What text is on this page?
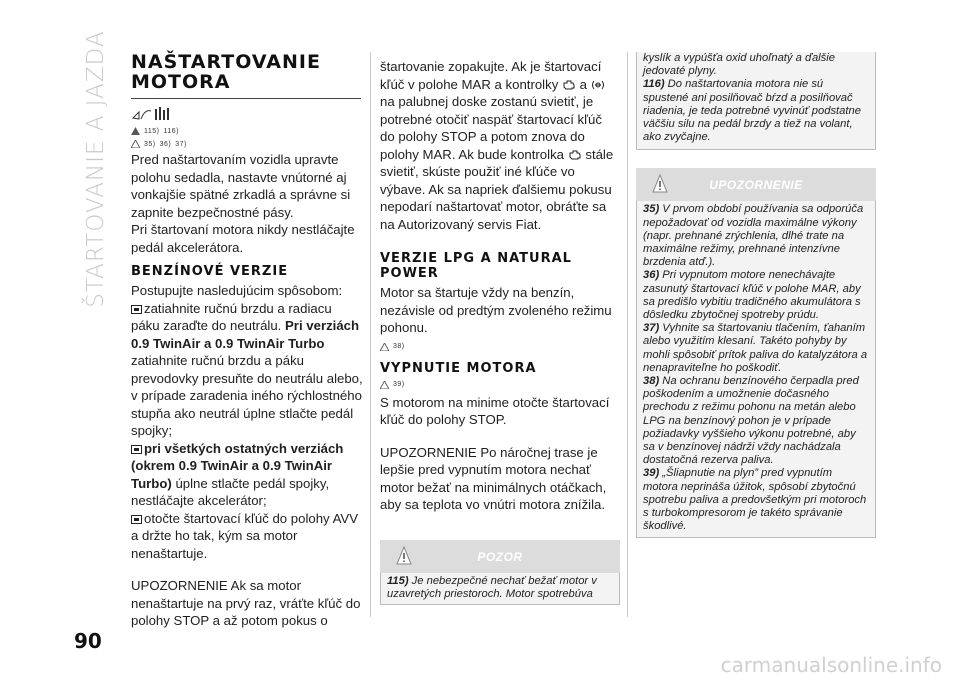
ŠTARTOVANIE A JAZDA NAŠTARTOVANIE MOTORA
115) 116)
35) 36) 37)

Pred naštartovaním vozidla upravte polohu sedadla, nastavte vnútorné aj vonkajšie spätné zrkadlá a správne si zapnite bezpečnostné pásy.

Pri štartovaní motora nikdy nestláčajte pedál akcelerátora.

BENZÍNOVÉ VERZIE

Postupujte nasledujúcim spôsobom:

zatiahnite ručnú brzdu a radiacu páku zaraďte do neutrálu. Pri verziách 0.9 TwinAir a 0.9 TwinAir Turbo zatiahnite ručnú brzdu a páku prevodovky presuňte do neutrálu alebo, v prípade zaradenia iného rýchlostného stupňa ako neutrál úplne stlačte pedál spojky;

pri všetkých ostatných verziách (okrem 0.9 TwinAir a 0.9 TwinAir Turbo) úplne stlačte pedál spojky, nestláčajte akcelerátor;

otočte štartovací kľúč do polohy AVV a držte ho tak, kým sa motor nenaštartuje.

UPOZORNENIE Ak sa motor nenaštartuje na prvý raz, vráťte kľúč do polohy STOP a až potom pokus o

štartovanie zopakujte. Ak je štartovací kľúč v polohe MAR a kontrolky a  na palubnej doske zostanú svietiť, je potrebné otočiť naspäť štartovací kľúč do polohy STOP a potom znova do polohy MAR. Ak bude kontrolka stále svietiť, skúste použiť iné kľúče vo výbave. Ak sa napriek ďalšiemu pokusu nepodarí naštartovať motor, obráťte sa na Autorizovaný servis Fiat.

VERZIE LPG A NATURAL POWER

Motor sa štartuje vždy na benzín, nezávisle od predtým zvoleného režimu pohonu.

38)
VYPNUTIE MOTORA
39)

S motorom na minime otočte štartovací kľúč do polohy STOP.

UPOZORNENIE Po náročnej trase je lepšie pred vypnutím motora nechať motor bežať na minimálnych otáčkach, aby sa teplota vo vnútri motora znížila.

POZOR

115) Je nebezpečné nechať bežať motor v uzavretých priestoroch. Motor spotrebúva

kyslík a vypúšťa oxid uhoľnatý a ďalšie jedovaté plyny.

116) Do naštartovania motora nie sú spustené ani posilňovač bŕzd a posilňovač riadenia, je teda potrebné vyvinúť podstatne väčšiu silu na pedál brzdy a tiež na volant, ako zvyčajne.

UPOZORNENIE

35) V prvom období používania sa odporúča nepožadovať od vozidla maximálne výkony (napr. prehnané zrýchlenia, dlhé trate na maximálne režimy, prehnané intenzívne brzdenia atď.).

36) Pri vypnutom motore nenechávajte zasunutý štartovací kľúč v polohe MAR, aby sa predišlo vybitiu tradičného akumulátora s dôsledku zbytočnej spotreby prúdu.

37) Vyhnite sa štartovaniu tlačením, ťahaním alebo využitím klesaní. Takéto pohyby by mohli spôsobiť prítok paliva do katalyzátora a nenapraviteľne ho poškodiť.

38) Na ochranu benzínového čerpadla pred poškodením a umožnenie dočasného prechodu z režimu pohonu na metán alebo LPG na benzínový pohon je v prípade požiadavky vyššieho výkonu potrebné, aby sa v benzínovej nádrži vždy nachádzala dostatočná rezerva paliva.

39) „Šliapnutie na plyn” pred vypnutím motora neprináša úžitok, spôsobí zbytočnú spotrebu paliva a predovšetkým pri motoroch s turbokompresorom je takéto správanie škodlivé.

90
carmanualsonline.info
